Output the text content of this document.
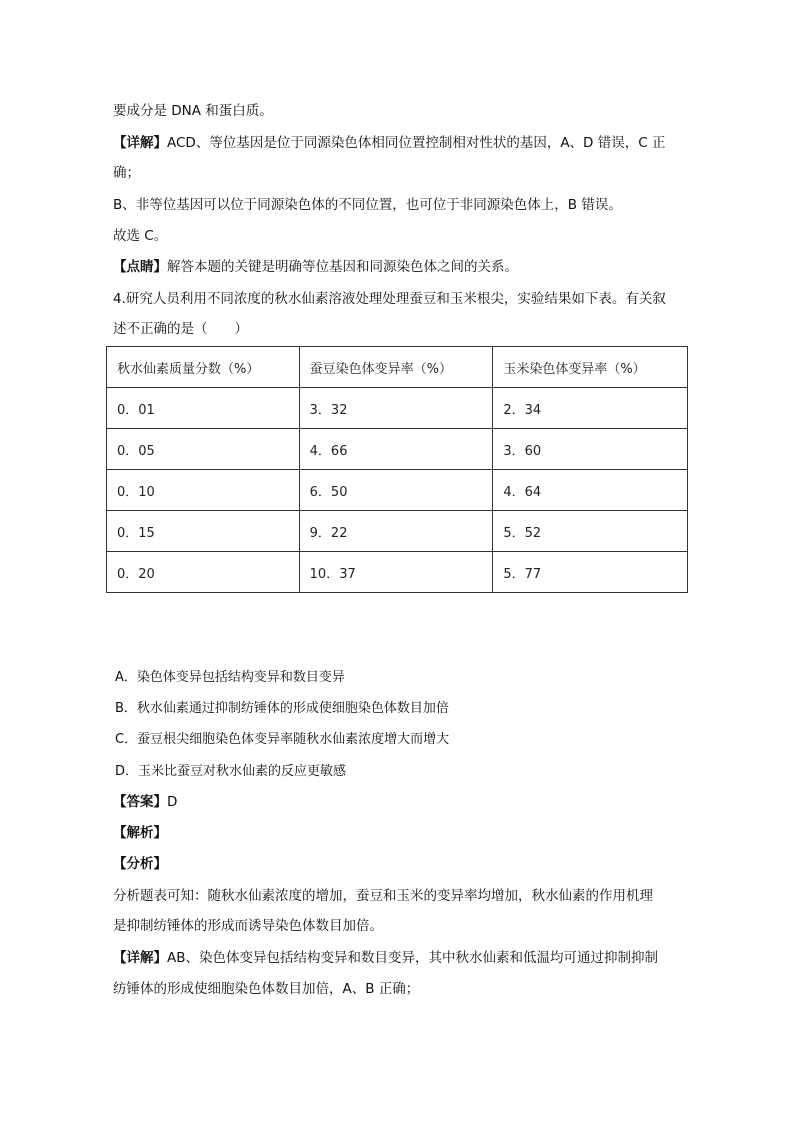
要成分是 DNA 和蛋白质。
【详解】ACD、等位基因是位于同源染色体相同位置控制相对性状的基因，A、D 错误，C 正
确；
B、非等位基因可以位于同源染色体的不同位置，也可位于非同源染色体上，B 错误。
故选 C。
【点睛】解答本题的关键是明确等位基因和同源染色体之间的关系。
4.研究人员利用不同浓度的秋水仙素溶液处理处理蚕豆和玉米根尖，实验结果如下表。有关叙
述不正确的是（　　）
秋水仙素质量分数（%）	蚕豆染色体变异率（%）	玉米染色体变异率（%）
0．01	3．32	2．34
0．05	4．66	3．60
0．10	6．50	4．64
0．15	9．22	5．52
0．20	10．37	5．77
A．染色体变异包括结构变异和数目变异
B．秋水仙素通过抑制纺锤体的形成使细胞染色体数目加倍
C．蚕豆根尖细胞染色体变异率随秋水仙素浓度增大而增大
D．玉米比蚕豆对秋水仙素的反应更敏感
【答案】D
【解析】
【分析】
分析题表可知：随秋水仙素浓度的增加，蚕豆和玉米的变异率均增加，秋水仙素的作用机理
是抑制纺锤体的形成而诱导染色体数目加倍。
【详解】AB、染色体变异包括结构变异和数目变异，其中秋水仙素和低温均可通过抑制抑制
纺锤体的形成使细胞染色体数目加倍，A、B 正确；
